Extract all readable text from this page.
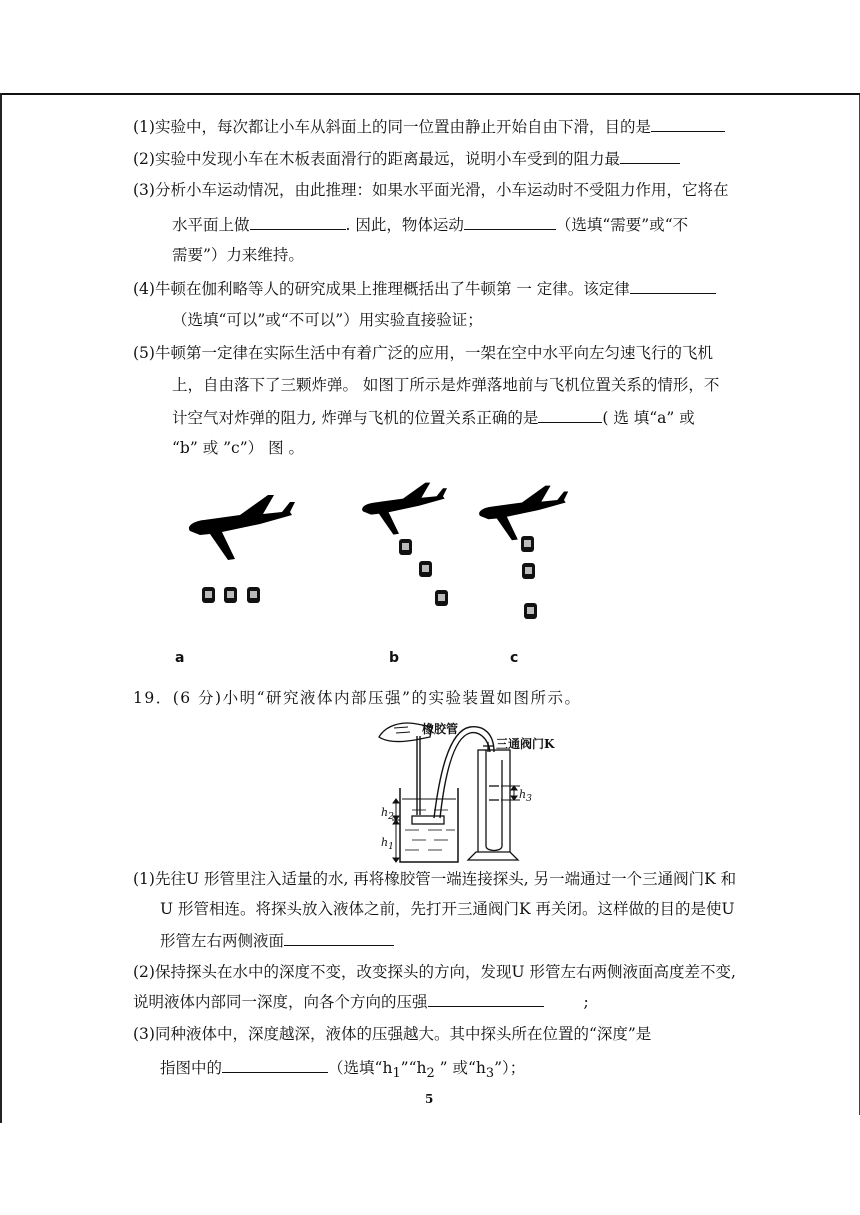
(1)实验中，每次都让小车从斜面上的同一位置由静止开始自由下滑，目的是
(2)实验中发现小车在木板表面滑行的距离最远，说明小车受到的阻力最
(3)分析小车运动情况，由此推理：如果水平面光滑，小车运动时不受阻力作用，它将在
水平面上做	. 因此，物体运动	（选填“需要”或“不
需要”）力来维持。
(4)牛顿在伽利略等人的研究成果上推理概括出了牛顿第 一 定律。该定律
（选填“可以”或“不可以”）用实验直接验证；
(5)牛顿第一定律在实际生活中有着广泛的应用，一架在空中水平向左匀速飞行的飞机
上，自由落下了三颗炸弹。 如图丁所示是炸弹落地前与飞机位置关系的情形，不
计空气对炸弹的阻力, 炸弹与飞机的位置关系正确的是	( 选 填“a” 或
“b” 或 ”c”） 图 。
a	b	c
19．(6 分)小明“研究液体内部压强”的实验装置如图所示。
橡胶管
三通阀门K
$h_2$
$h_1$
$h_3$
(1)先往U 形管里注入适量的水, 再将橡胶管一端连接探头, 另一端通过一个三通阀门K 和
U 形管相连。将探头放入液体之前，先打开三通阀门K 再关闭。这样做的目的是使U
形管左右两侧液面
(2)保持探头在水中的深度不变，改变探头的方向，发现U 形管左右两侧液面高度差不变,
说明液体内部同一深度，向各个方向的压强	;
(3)同种液体中，深度越深，液体的压强越大。其中探头所在位置的“深度”是
指图中的	（选填“$h_1”“h_2$ ” 或“$h_3$”）；
5
